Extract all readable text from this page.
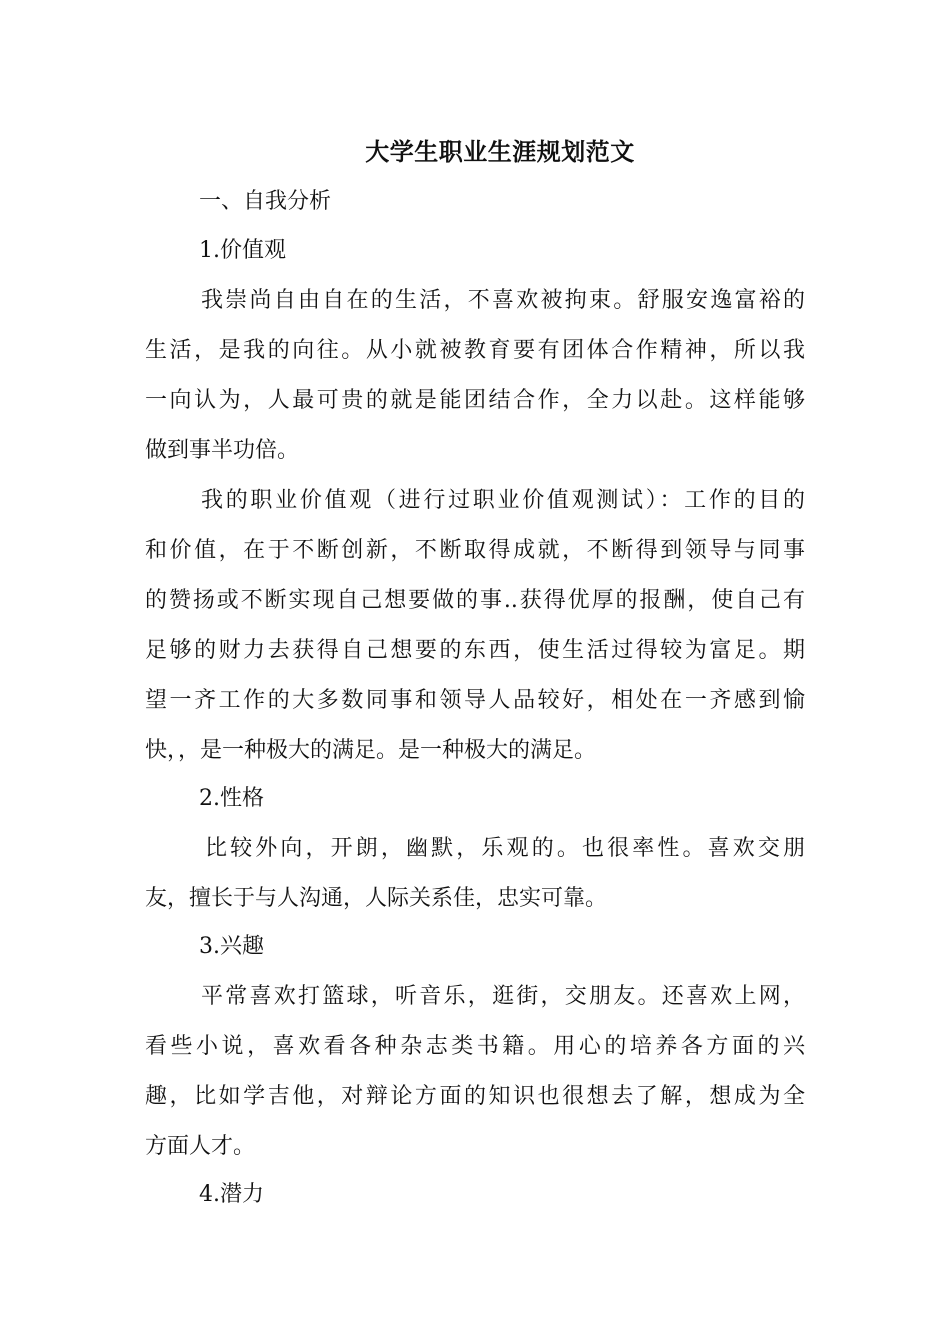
大学生职业生涯规划范文
一、自我分析
1.价值观
我崇尚自由自在的生活，不喜欢被拘束。舒服安逸富裕的
生活，是我的向往。从小就被教育要有团体合作精神，所以我
一向认为，人最可贵的就是能团结合作，全力以赴。这样能够
做到事半功倍。
我的职业价值观（进行过职业价值观测试）：工作的目的
和价值，在于不断创新，不断取得成就，不断得到领导与同事
的赞扬或不断实现自己想要做的事..获得优厚的报酬，使自己有
足够的财力去获得自己想要的东西，使生活过得较为富足。期
望一齐工作的大多数同事和领导人品较好，相处在一齐感到愉
快，，是一种极大的满足。是一种极大的满足。
2.性格
比较外向，开朗，幽默，乐观的。也很率性。喜欢交朋
友，擅长于与人沟通，人际关系佳，忠实可靠。
3.兴趣
平常喜欢打篮球，听音乐，逛街，交朋友。还喜欢上网，
看些小说，喜欢看各种杂志类书籍。用心的培养各方面的兴
趣，比如学吉他，对辩论方面的知识也很想去了解，想成为全
方面人才。
4.潜力
